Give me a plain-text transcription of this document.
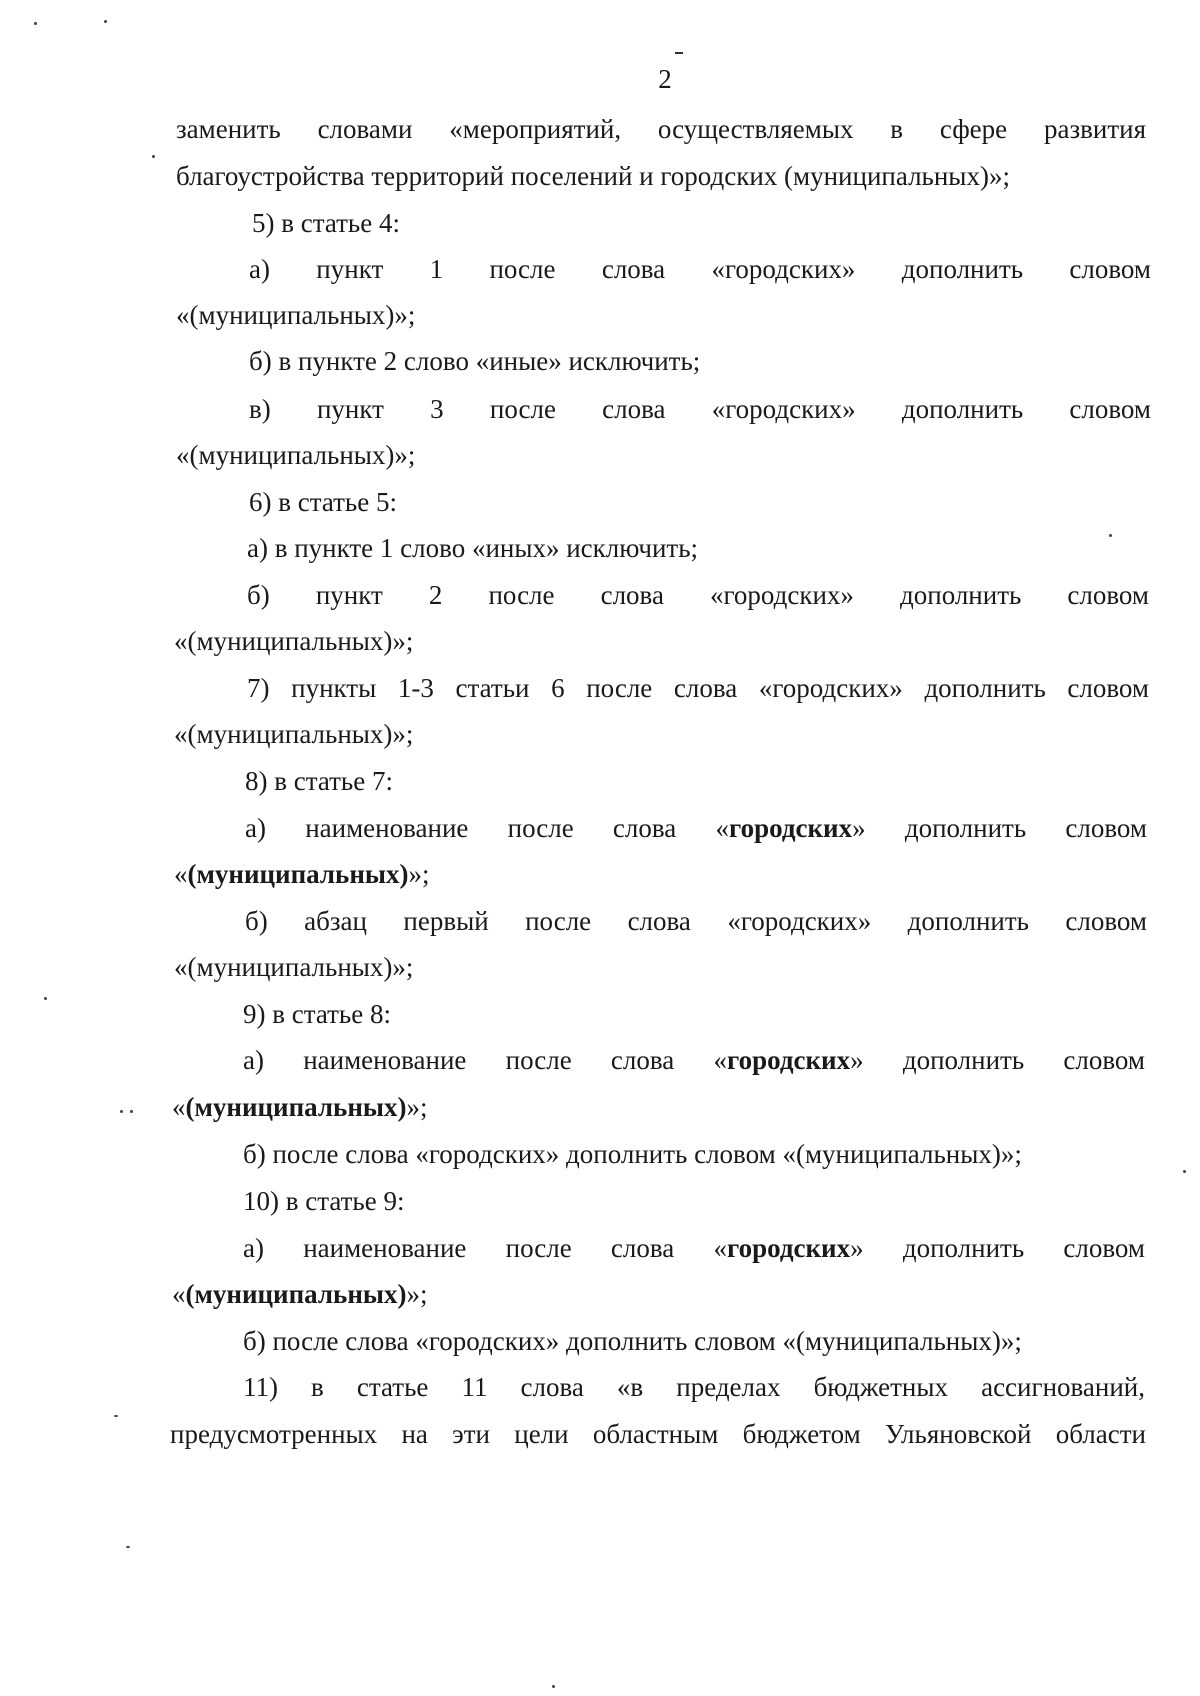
2
заменить словами «мероприятий, осуществляемых в сфере развития
благоустройства территорий поселений и городских (муниципальных)»;
5) в статье 4:
а) пункт 1 после слова «городских» дополнить словом
«(муниципальных)»;
б) в пункте 2 слово «иные» исключить;
в) пункт 3 после слова «городских» дополнить словом
«(муниципальных)»;
6) в статье 5:
а) в пункте 1 слово «иных» исключить;
б) пункт 2 после слова «городских» дополнить словом
«(муниципальных)»;
7) пункты 1-3 статьи 6 после слова «городских» дополнить словом
«(муниципальных)»;
8) в статье 7:
а) наименование после слова «городских» дополнить словом
«(муниципальных)»;
б) абзац первый после слова «городских» дополнить словом
«(муниципальных)»;
9) в статье 8:
а) наименование после слова «городских» дополнить словом
«(муниципальных)»;
б) после слова «городских» дополнить словом «(муниципальных)»;
10) в статье 9:
а) наименование после слова «городских» дополнить словом
«(муниципальных)»;
б) после слова «городских» дополнить словом «(муниципальных)»;
11) в статье 11 слова «в пределах бюджетных ассигнований,
предусмотренных на эти цели областным бюджетом Ульяновской области
